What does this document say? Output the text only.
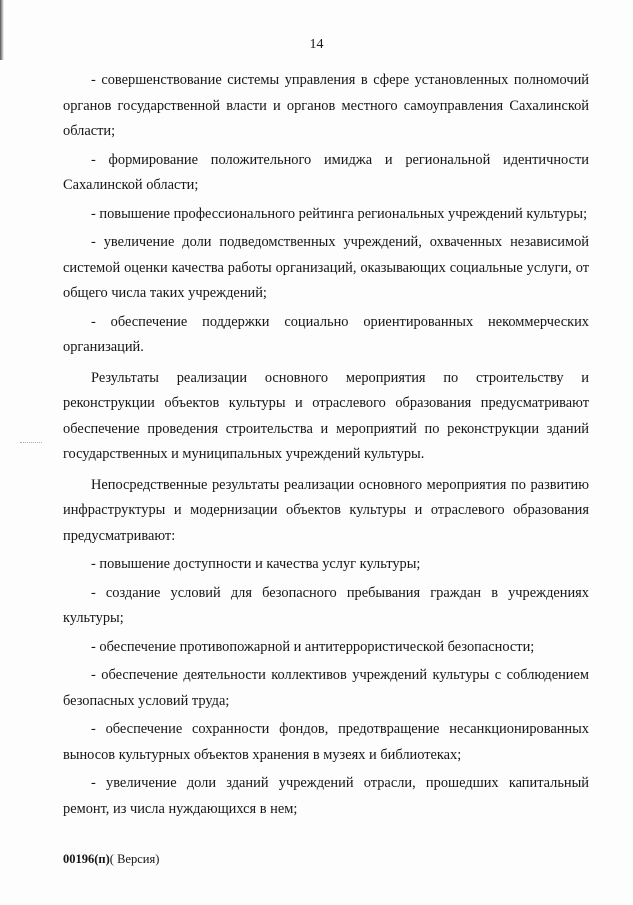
14

- совершенствование системы управления в сфере установленных полномочий органов государственной власти и органов местного самоуправления Сахалинской области;

- формирование положительного имиджа и региональной идентичности Сахалинской области;

- повышение профессионального рейтинга региональных учреждений культуры;

- увеличение доли подведомственных учреждений, охваченных независимой системой оценки качества работы организаций, оказывающих социальные услуги, от общего числа таких учреждений;

- обеспечение поддержки социально ориентированных некоммерческих организаций.

Результаты реализации основного мероприятия по строительству и реконструкции объектов культуры и отраслевого образования предусматривают обеспечение проведения строительства и мероприятий по реконструкции зданий государственных и муниципальных учреждений культуры.

Непосредственные результаты реализации основного мероприятия по развитию инфраструктуры и модернизации объектов культуры и отраслевого образования предусматривают:

- повышение доступности и качества услуг культуры;

- создание условий для безопасного пребывания граждан в учреждениях культуры;

- обеспечение противопожарной и антитеррористической безопасности;

- обеспечение деятельности коллективов учреждений культуры с соблюдением безопасных условий труда;

- обеспечение сохранности фондов, предотвращение несанкционированных выносов культурных объектов хранения в музеях и библиотеках;

- увеличение доли зданий учреждений отрасли, прошедших капитальный ремонт, из числа нуждающихся в нем;

00196(п)( Версия)
